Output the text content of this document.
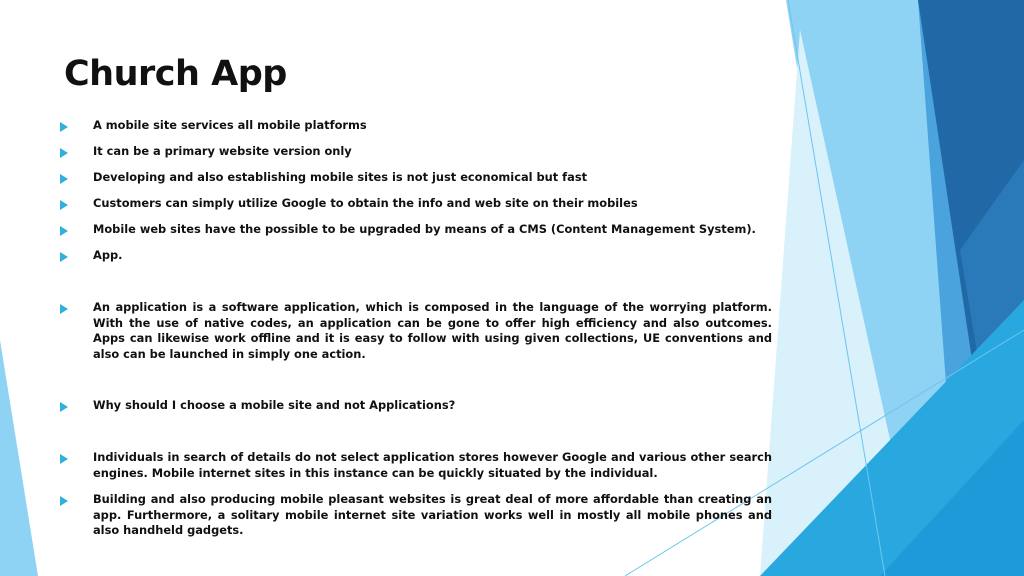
Church App
A mobile site services all mobile platforms
It can be a primary website version only
Developing and also establishing mobile sites is not just economical but fast
Customers can simply utilize Google to obtain the info and web site on their mobiles
Mobile web sites have the possible to be upgraded by means of a CMS (Content Management System).
App.
An application is a software application, which is composed in the language of the worrying platform. With the use of native codes, an application can be gone to offer high efficiency and also outcomes. Apps can likewise work offline and it is easy to follow with using given collections, UE conventions and also can be launched in simply one action.
Why should I choose a mobile site and not Applications?
Individuals in search of details do not select application stores however Google and various other search engines. Mobile internet sites in this instance can be quickly situated by the individual.
Building and also producing mobile pleasant websites is great deal of more affordable than creating an app. Furthermore, a solitary mobile internet site variation works well in mostly all mobile phones and also handheld gadgets.
